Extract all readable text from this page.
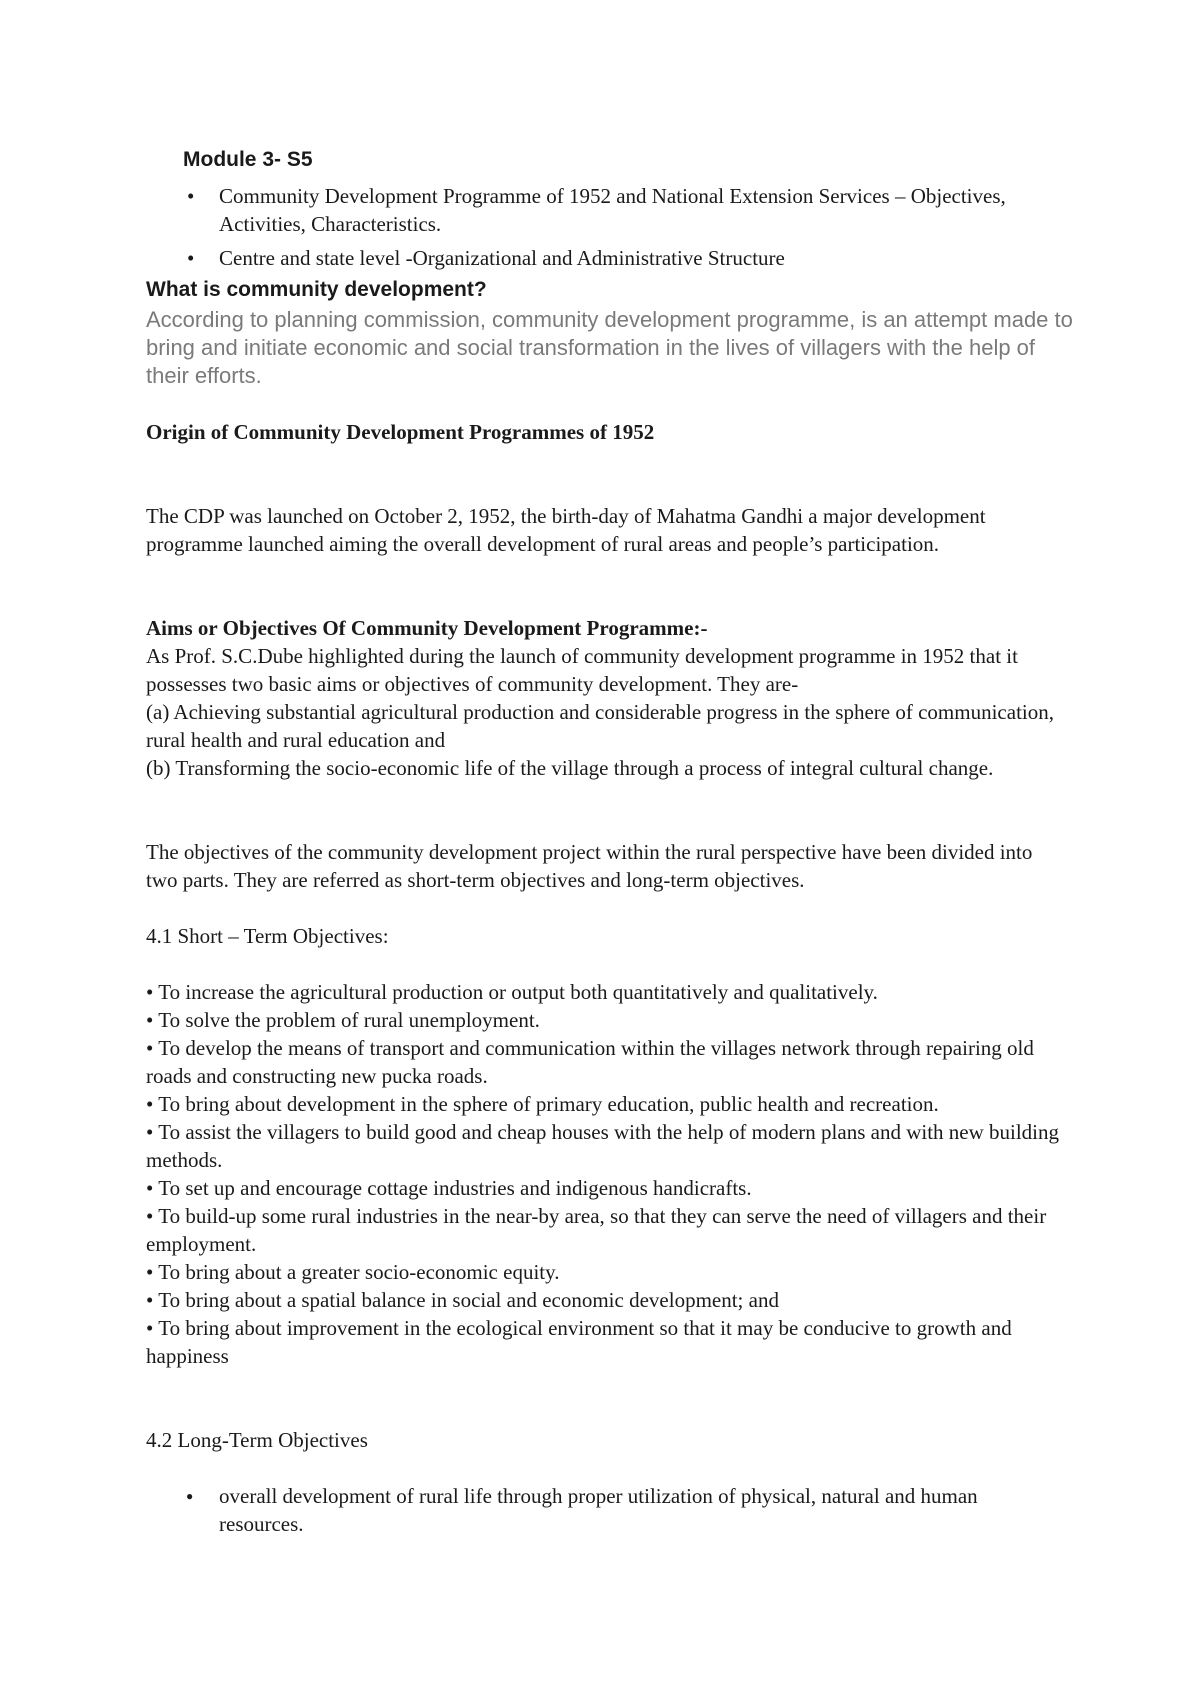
Module 3- S5
• Community Development Programme of 1952 and National Extension Services – Objectives, Activities, Characteristics.
• Centre and state level -Organizational and Administrative Structure
What is community development?
According to planning commission, community development programme, is an attempt made to bring and initiate economic and social transformation in the lives of villagers with the help of their efforts.
Origin of Community Development Programmes of 1952
The CDP was launched on October 2, 1952, the birth-day of Mahatma Gandhi a major development programme launched aiming the overall development of rural areas and people’s participation.
Aims or Objectives Of Community Development Programme:-
As Prof. S.C.Dube highlighted during the launch of community development programme in 1952 that it possesses two basic aims or objectives of community development. They are-
(a) Achieving substantial agricultural production and considerable progress in the sphere of communication, rural health and rural education and
(b) Transforming the socio-economic life of the village through a process of integral cultural change.
The objectives of the community development project within the rural perspective have been divided into two parts. They are referred as short-term objectives and long-term objectives.
4.1 Short – Term Objectives:
• To increase the agricultural production or output both quantitatively and qualitatively.
• To solve the problem of rural unemployment.
• To develop the means of transport and communication within the villages network through repairing old roads and constructing new pucka roads.
• To bring about development in the sphere of primary education, public health and recreation.
• To assist the villagers to build good and cheap houses with the help of modern plans and with new building methods.
• To set up and encourage cottage industries and indigenous handicrafts.
• To build-up some rural industries in the near-by area, so that they can serve the need of villagers and their employment.
• To bring about a greater socio-economic equity.
• To bring about a spatial balance in social and economic development; and
• To bring about improvement in the ecological environment so that it may be conducive to growth and happiness
4.2 Long-Term Objectives
● overall development of rural life through proper utilization of physical, natural and human resources.
